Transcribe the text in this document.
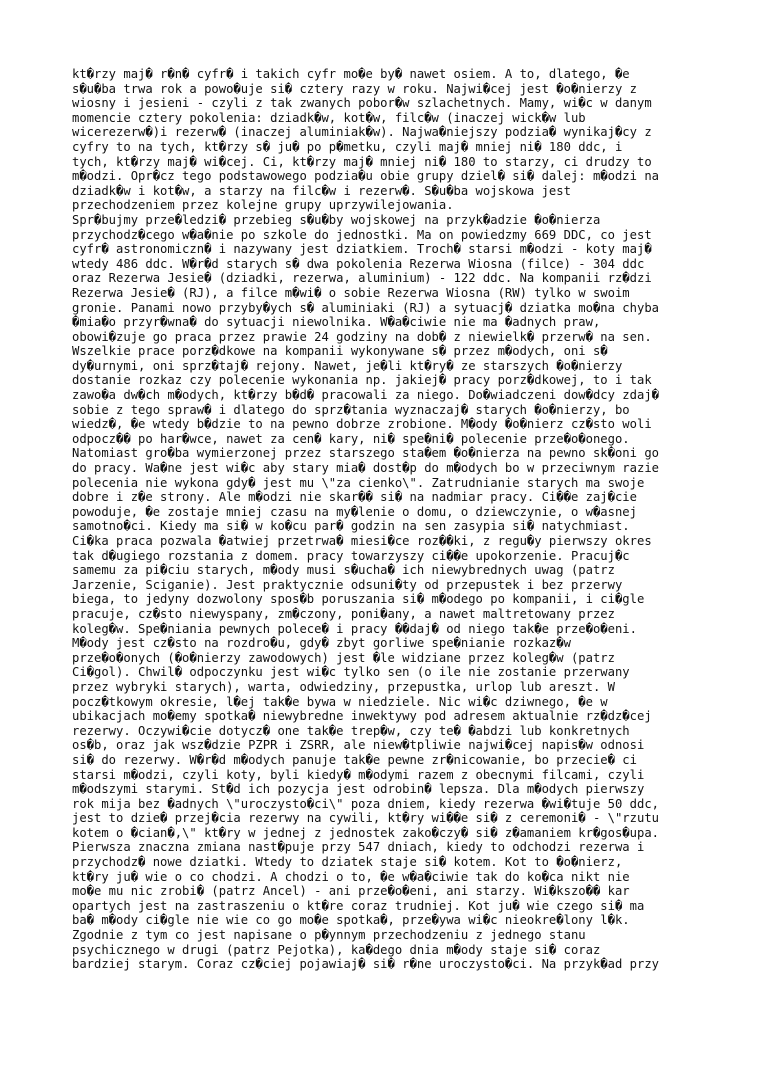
kt�rzy maj� r�n� cyfr� i takich cyfr mo�e by� nawet osiem. A to, dlatego, �e
s�u�ba trwa rok a powo�uje si� cztery razy w roku. Najwi�cej jest �o�nierzy z
wiosny i jesieni - czyli z tak zwanych pobor�w szlachetnych. Mamy, wi�c w danym
momencie cztery pokolenia: dziadk�w, kot�w, filc�w (inaczej wick�w lub
wicerezerw�)i rezerw� (inaczej aluminiak�w). Najwa�niejszy podzia� wynikaj�cy z
cyfry to na tych, kt�rzy s� ju� po p�metku, czyli maj� mniej ni� 180 ddc, i
tych, kt�rzy maj� wi�cej. Ci, kt�rzy maj� mniej ni� 180 to starzy, ci drudzy to
m�odzi. Opr�cz tego podstawowego podzia�u obie grupy dziel� si� dalej: m�odzi na
dziadk�w i kot�w, a starzy na filc�w i rezerw�. S�u�ba wojskowa jest
przechodzeniem przez kolejne grupy uprzywilejowania.
Spr�bujmy prze�ledzi� przebieg s�u�by wojskowej na przyk�adzie �o�nierza
przychodz�cego w�a�nie po szkole do jednostki. Ma on powiedzmy 669 DDC, co jest
cyfr� astronomiczn� i nazywany jest dziatkiem. Troch� starsi m�odzi - koty maj�
wtedy 486 ddc. W�r�d starych s� dwa pokolenia Rezerwa Wiosna (filce) - 304 ddc
oraz Rezerwa Jesie� (dziadki, rezerwa, aluminium) - 122 ddc. Na kompanii rz�dzi
Rezerwa Jesie� (RJ), a filce m�wi� o sobie Rezerwa Wiosna (RW) tylko w swoim
gronie. Panami nowo przyby�ych s� aluminiaki (RJ) a sytuacj� dziatka mo�na chyba
�mia�o przyr�wna� do sytuacji niewolnika. W�a�ciwie nie ma �adnych praw,
obowi�zuje go praca przez prawie 24 godziny na dob� z niewielk� przerw� na sen.
Wszelkie prace porz�dkowe na kompanii wykonywane s� przez m�odych, oni s�
dy�urnymi, oni sprz�taj� rejony. Nawet, je�li kt�ry� ze starszych �o�nierzy
dostanie rozkaz czy polecenie wykonania np. jakiej� pracy porz�dkowej, to i tak
zawo�a dw�ch m�odych, kt�rzy b�d� pracowali za niego. Do�wiadczeni dow�dcy zdaj�
sobie z tego spraw� i dlatego do sprz�tania wyznaczaj� starych �o�nierzy, bo
wiedz�, �e wtedy b�dzie to na pewno dobrze zrobione. M�ody �o�nierz cz�sto woli
odpocz�� po har�wce, nawet za cen� kary, ni� spe�ni� polecenie prze�o�onego.
Natomiast gro�ba wymierzonej przez starszego sta�em �o�nierza na pewno sk�oni go
do pracy. Wa�ne jest wi�c aby stary mia� dost�p do m�odych bo w przeciwnym razie
polecenia nie wykona gdy� jest mu \"za cienko\". Zatrudnianie starych ma swoje
dobre i z�e strony. Ale m�odzi nie skar�� si� na nadmiar pracy. Ci��e zaj�cie
powoduje, �e zostaje mniej czasu na my�lenie o domu, o dziewczynie, o w�asnej
samotno�ci. Kiedy ma si� w ko�cu par� godzin na sen zasypia si� natychmiast.
Ci�ka praca pozwala �atwiej przetrwa� miesi�ce roz��ki, z regu�y pierwszy okres
tak d�ugiego rozstania z domem. pracy towarzyszy ci��e upokorzenie. Pracuj�c
samemu za pi�ciu starych, m�ody musi s�ucha� ich niewybrednych uwag (patrz
Jarzenie, Sciganie). Jest praktycznie odsuni�ty od przepustek i bez przerwy
biega, to jedyny dozwolony spos�b poruszania si� m�odego po kompanii, i ci�gle
pracuje, cz�sto niewyspany, zm�czony, poni�any, a nawet maltretowany przez
koleg�w. Spe�niania pewnych polece� i pracy ��daj� od niego tak�e prze�o�eni.
M�ody jest cz�sto na rozdro�u, gdy� zbyt gorliwe spe�nianie rozkaz�w
prze�o�onych (�o�nierzy zawodowych) jest �le widziane przez koleg�w (patrz
Ci�gol). Chwil� odpoczynku jest wi�c tylko sen (o ile nie zostanie przerwany
przez wybryki starych), warta, odwiedziny, przepustka, urlop lub areszt. W
pocz�tkowym okresie, l�ej tak�e bywa w niedziele. Nic wi�c dziwnego, �e w
ubikacjach mo�emy spotka� niewybredne inwektywy pod adresem aktualnie rz�dz�cej
rezerwy. Oczywi�cie dotycz� one tak�e trep�w, czy te� �abdzi lub konkretnych
os�b, oraz jak wsz�dzie PZPR i ZSRR, ale niew�tpliwie najwi�cej napis�w odnosi
si� do rezerwy. W�r�d m�odych panuje tak�e pewne zr�nicowanie, bo przecie� ci
starsi m�odzi, czyli koty, byli kiedy� m�odymi razem z obecnymi filcami, czyli
m�odszymi starymi. St�d ich pozycja jest odrobin� lepsza. Dla m�odych pierwszy
rok mija bez �adnych \"uroczysto�ci\" poza dniem, kiedy rezerwa �wi�tuje 50 ddc,
jest to dzie� przej�cia rezerwy na cywili, kt�ry wi��e si� z ceremoni� - \"rzutu
kotem o �cian�,\" kt�ry w jednej z jednostek zako�czy� si� z�amaniem kr�gos�upa.
Pierwsza znaczna zmiana nast�puje przy 547 dniach, kiedy to odchodzi rezerwa i
przychodz� nowe dziatki. Wtedy to dziatek staje si� kotem. Kot to �o�nierz,
kt�ry ju� wie o co chodzi. A chodzi o to, �e w�a�ciwie tak do ko�ca nikt nie
mo�e mu nic zrobi� (patrz Ancel) - ani prze�o�eni, ani starzy. Wi�kszo�� kar
opartych jest na zastraszeniu o kt�re coraz trudniej. Kot ju� wie czego si� ma
ba� m�ody ci�gle nie wie co go mo�e spotka�, prze�ywa wi�c nieokre�lony l�k.
Zgodnie z tym co jest napisane o p�ynnym przechodzeniu z jednego stanu
psychicznego w drugi (patrz Pejotka), ka�dego dnia m�ody staje si� coraz
bardziej starym. Coraz cz�ciej pojawiaj� si� r�ne uroczysto�ci. Na przyk�ad przy
